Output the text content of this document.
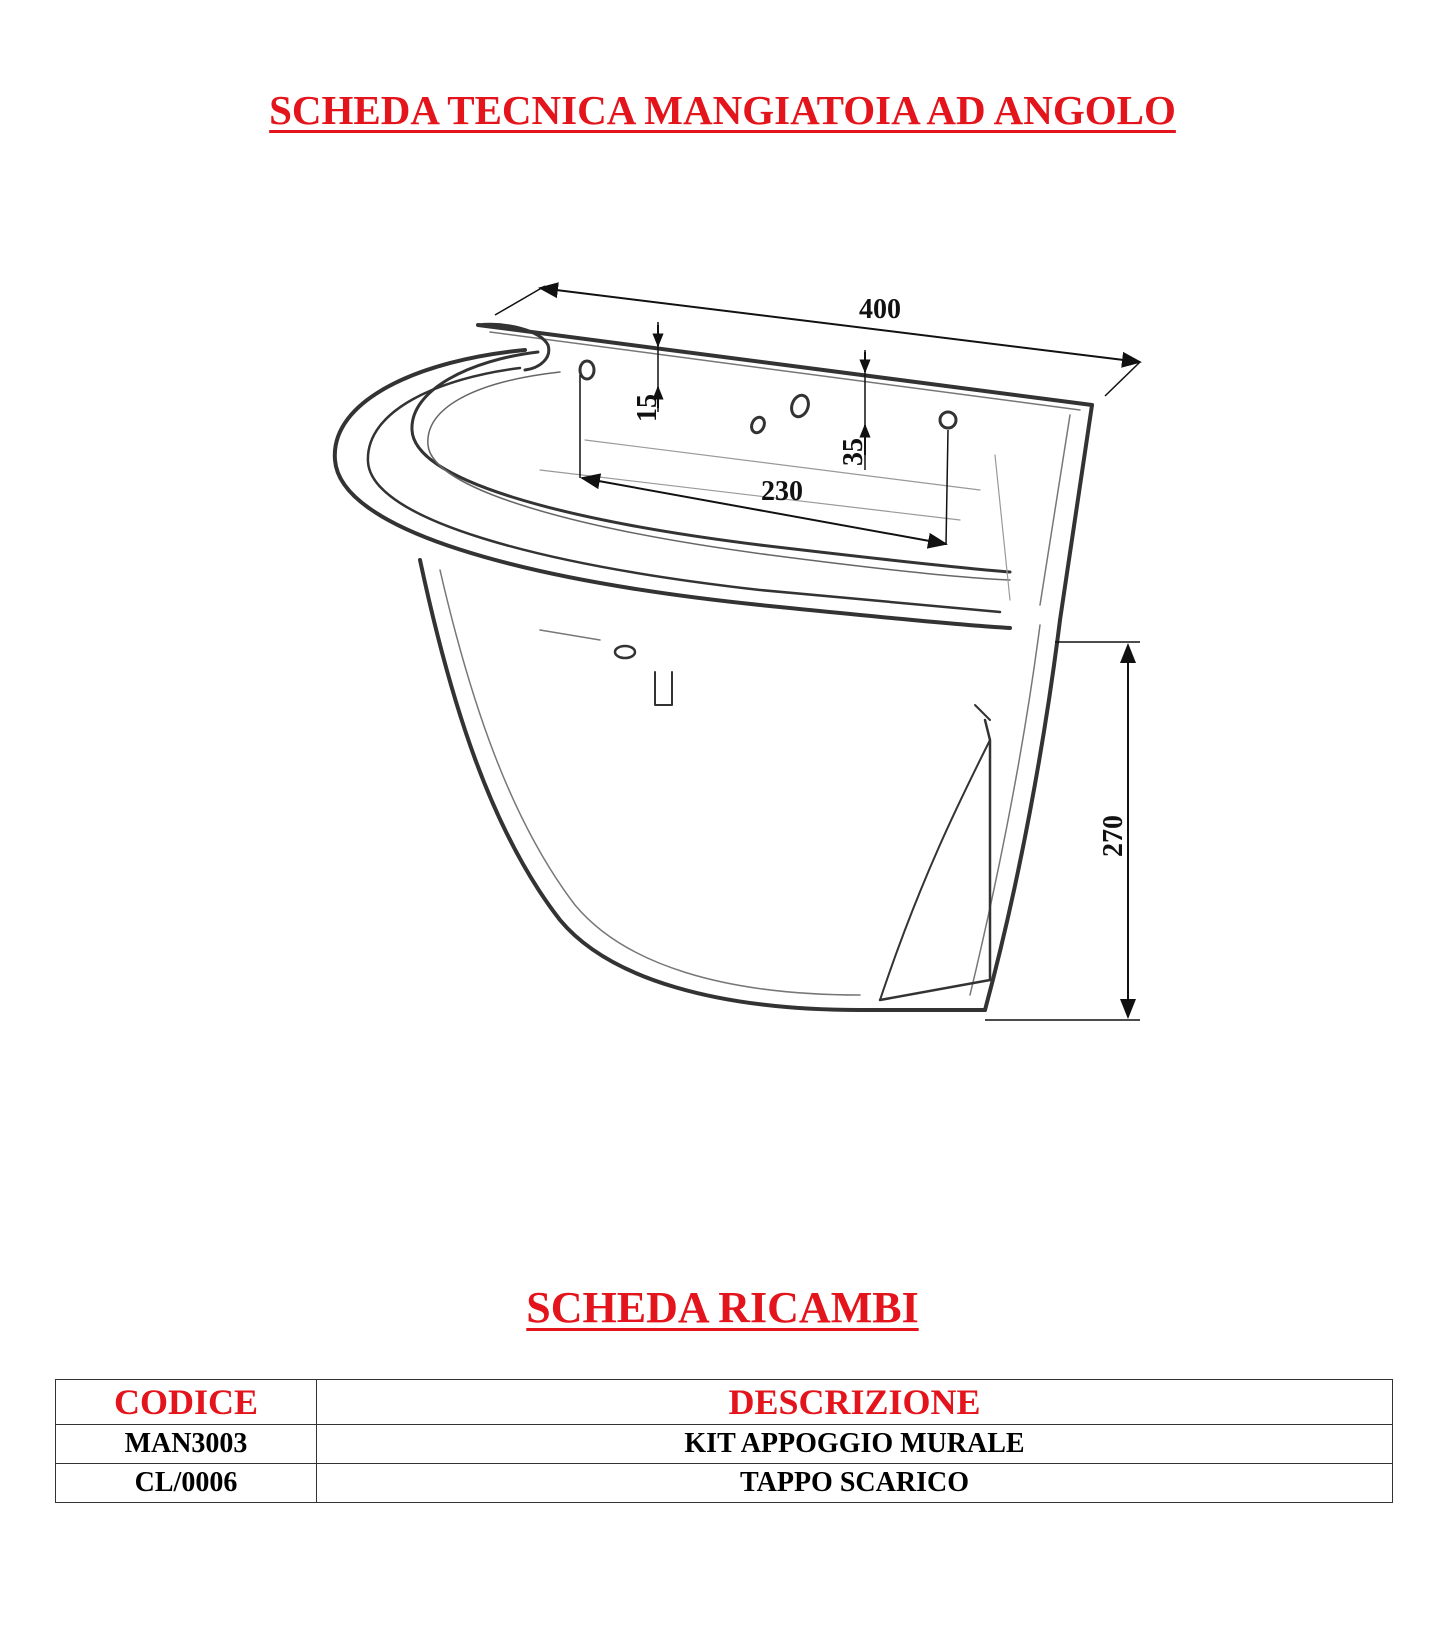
SCHEDA TECNICA MANGIATOIA AD ANGOLO
400
230
15
35
270
SCHEDA RICAMBI
CODICE	DESCRIZIONE
MAN3003	KIT APPOGGIO MURALE
CL/0006	TAPPO SCARICO
